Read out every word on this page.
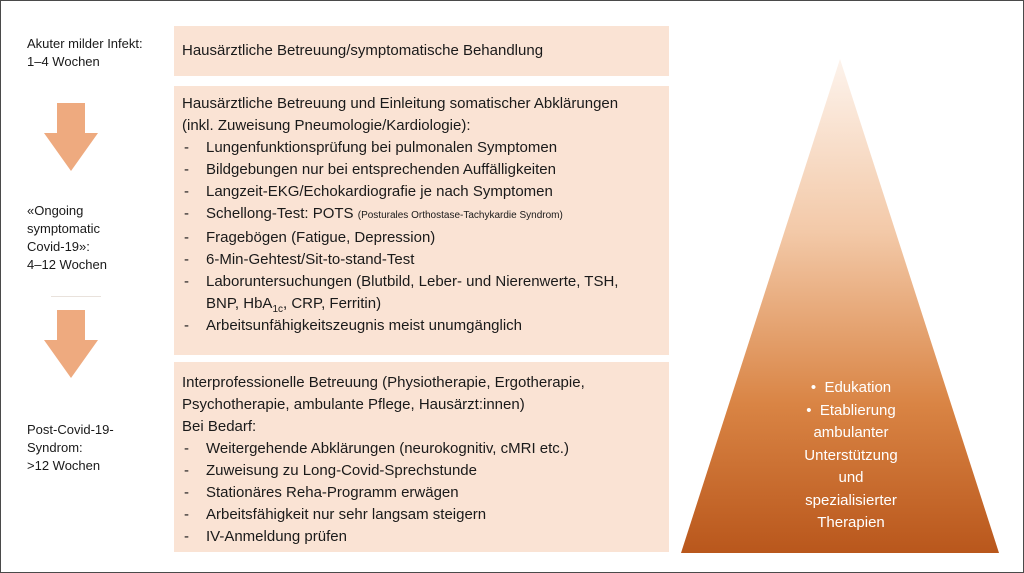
Akuter milder Infekt:
1–4 Wochen
«Ongoing
symptomatic
Covid-19»:
4–12 Wochen
Post-Covid-19-
Syndrom:
>12 Wochen

Hausärztliche Betreuung/symptomatische Behandlung

Hausärztliche Betreuung und Einleitung somatischer Abklärungen

(inkl. Zuweisung Pneumologie/Kardiologie):

- Lungenfunktionsprüfung bei pulmonalen Symptomen
- Bildgebungen nur bei entsprechenden Auffälligkeiten
- Langzeit-EKG/Echokardiografie je nach Symptomen
- Schellong-Test: POTS (Posturales Orthostase-Tachykardie Syndrom)
- Fragebögen (Fatigue, Depression)
- 6-Min-Gehtest/Sit-to-stand-Test
- Laboruntersuchungen (Blutbild, Leber- und Nierenwerte, TSH,
BNP, HbA$_{1c}$, CRP, Ferritin)
- Arbeitsunfähigkeitszeugnis meist unumgänglich

Interprofessionelle Betreuung (Physiotherapie, Ergotherapie,

Psychotherapie, ambulante Pflege, Hausärzt:innen)

Bei Bedarf:

- Weitergehende Abklärungen (neurokognitiv, cMRI etc.)
- Zuweisung zu Long-Covid-Sprechstunde
- Stationäres Reha-Programm erwägen
- Arbeitsfähigkeit nur sehr langsam steigern
- IV-Anmeldung prüfen
•  Edukation
•  Etablierung
ambulanter
Unterstützung
und
spezialisierter
Therapien
